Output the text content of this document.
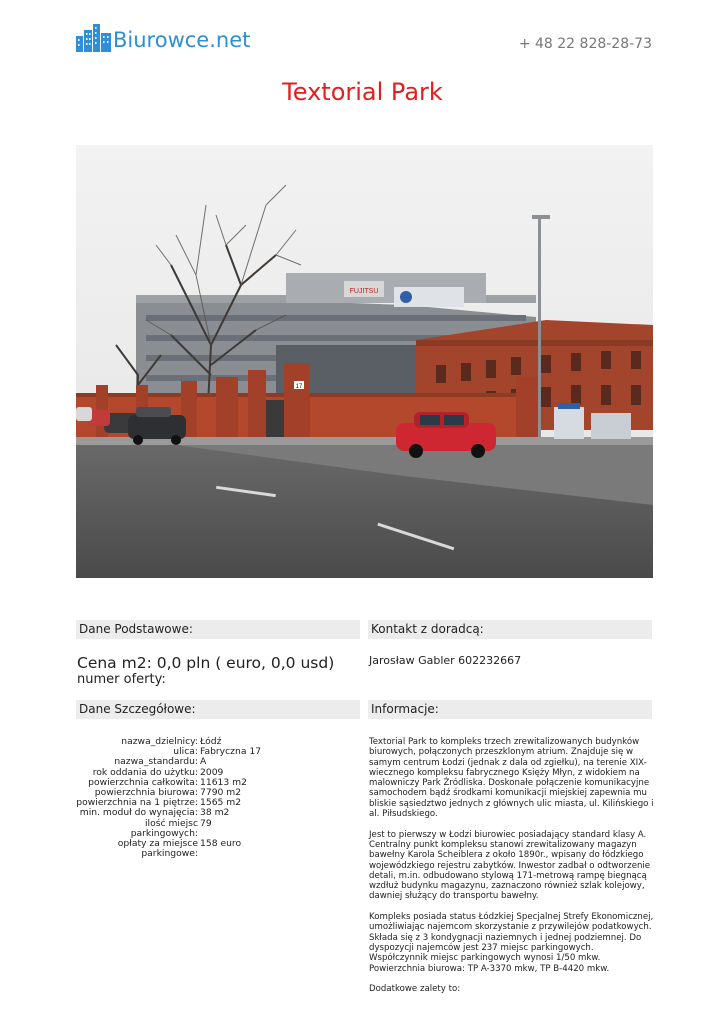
Biurowce.net	+ 48 22 828-28-73
Textorial Park
FUJITSU
17
Dane Podstawowe:	Kontakt z doradcą:
Cena m2: 0,0 pln ( euro, 0,0 usd)
numer oferty:
Jarosław Gabler 602232667
Dane Szczegółowe:	Informacje:
nazwa_dzielnicy: Łódź
ulica: Fabryczna 17
nazwa_standardu: A
rok oddania do użytku: 2009
powierzchnia całkowita: 11613 m2
powierzchnia biurowa: 7790 m2
powierzchnia na 1 piętrze: 1565 m2
min. moduł do wynajęcia: 38 m2
ilość miejsc parkingowych:
79
opłaty za miejsce parkingowe:
158 euro

Textorial Park to kompleks trzech zrewitalizowanych budynków biurowych, połączonych przeszklonym atrium. Znajduje się w samym centrum Łodzi (jednak z dala od zgiełku), na terenie XIX-wiecznego kompleksu fabrycznego Księży Młyn, z widokiem na malowniczy Park Źródliska. Doskonałe połączenie komunikacyjne samochodem bądź środkami komunikacji miejskiej zapewnia mu bliskie sąsiedztwo jednych z głównych ulic miasta, ul. Kilińskiego i al. Piłsudskiego.

Jest to pierwszy w Łodzi biurowiec posiadający standard klasy A. Centralny punkt kompleksu stanowi zrewitalizowany magazyn bawełny Karola Scheiblera z około 1890r., wpisany do łódzkiego wojewódzkiego rejestru zabytków. Inwestor zadbał o odtworzenie detali, m.in. odbudowano stylową 171-metrową rampę biegnącą wzdłuż budynku magazynu, zaznaczono również szlak kolejowy, dawniej służący do transportu bawełny.

Kompleks posiada status Łódzkiej Specjalnej Strefy Ekonomicznej, umożliwiając najemcom skorzystanie z przywilejów podatkowych. Składa się z 3 kondygnacji naziemnych i jednej podziemnej. Do dyspozycji najemców jest 237 miejsc parkingowych. Współczynnik miejsc parkingowych wynosi 1/50 mkw. Powierzchnia biurowa: TP A-3370 mkw, TP B-4420 mkw.

Dodatkowe zalety to:
